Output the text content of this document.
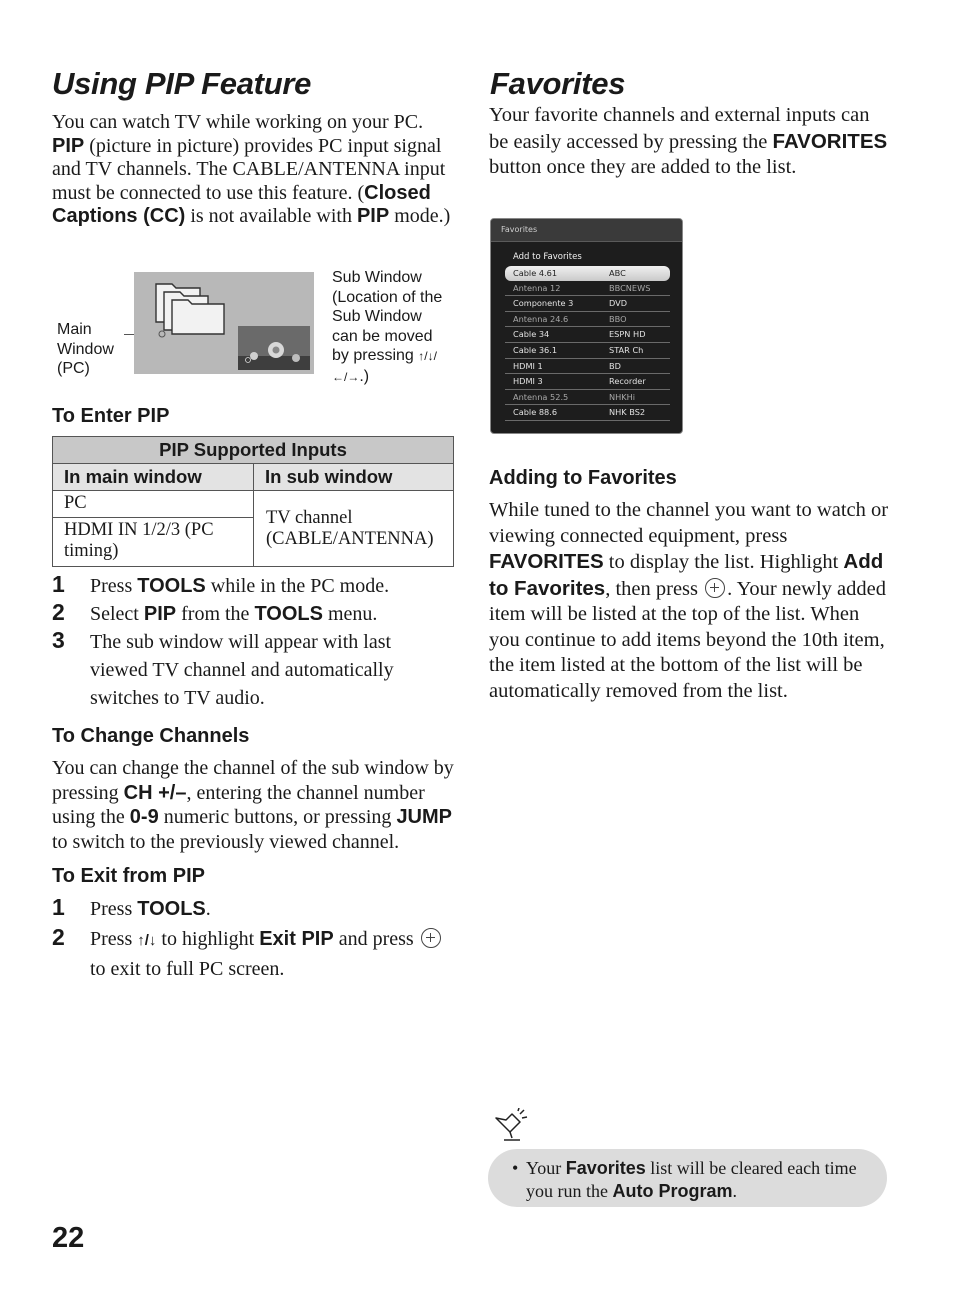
Using PIP Feature

You can watch TV while working on your PC. PIP (picture in picture) provides PC input signal and TV channels. The CABLE/ANTENNA input must be connected to use this feature. (Closed Captions (CC) is not available with PIP mode.)

Main Window (PC)
Sub Window (Location of the Sub Window can be moved by pressing ↑/↓/←/→.)
To Enter PIP
PIP Supported Inputs	
In main window	In sub window
PC	TV channel (CABLE/ANTENNA)
HDMI IN 1/2/3 (PC timing)	
1	Press TOOLS while in the PC mode.
2	Select PIP from the TOOLS menu.
3	The sub window will appear with last viewed TV channel and automatically switches to TV audio.
To Change Channels

You can change the channel of the sub window by pressing CH +/–, entering the channel number using the 0-9 numeric buttons, or pressing JUMP to switch to the previously viewed channel.

To Exit from PIP
1	Press TOOLS.
2	Press ↑/↓ to highlight Exit PIP and press  to exit to full PC screen.
Favorites

Your favorite channels and external inputs can be easily accessed by pressing the FAVORITES button once they are added to the list.

Favorites
Add to Favorites
Cable 4.61	ABC
Antenna 12	BBCNEWS
Componente 3	DVD
Antenna 24.6	BBO
Cable 34	ESPN HD
Cable 36.1	STAR Ch
HDMI 1	BD
HDMI 3	Recorder
Antenna 52.5	NHKHi
Cable 88.6	NHK BS2
Adding to Favorites

While tuned to the channel you want to watch or viewing connected equipment, press FAVORITES to display the list. Highlight Add to Favorites, then press . Your newly added item will be listed at the top of the list. When you continue to add items beyond the 10th item, the item listed at the bottom of the list will be automatically removed from the list.

• Your Favorites list will be cleared each time you run the Auto Program.
22
